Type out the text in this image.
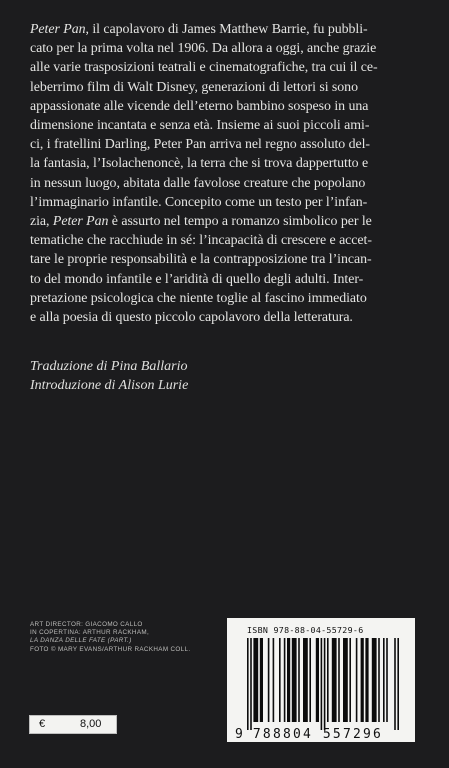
Peter Pan, il capolavoro di James Matthew Barrie, fu pubbli-
cato per la prima volta nel 1906. Da allora a oggi, anche grazie
alle varie trasposizioni teatrali e cinematografiche, tra cui il ce-
leberrimo film di Walt Disney, generazioni di lettori si sono
appassionate alle vicende dell’eterno bambino sospeso in una
dimensione incantata e senza età. Insieme ai suoi piccoli ami-
ci, i fratellini Darling, Peter Pan arriva nel regno assoluto del-
la fantasia, l’Isolachenoncè, la terra che si trova dappertutto e
in nessun luogo, abitata dalle favolose creature che popolano
l’immaginario infantile. Concepito come un testo per l’infan-
zia, Peter Pan è assurto nel tempo a romanzo simbolico per le
tematiche che racchiude in sé: l’incapacità di crescere e accet-
tare le proprie responsabilità e la contrapposizione tra l’incan-
to del mondo infantile e l’aridità di quello degli adulti. Inter-
pretazione psicologica che niente toglie al fascino immediato
e alla poesia di questo piccolo capolavoro della letteratura.

Traduzione di Pina Ballario
Introduzione di Alison Lurie
ART DIRECTOR: GIACOMO CALLO
IN COPERTINA: ARTHUR RACKHAM,
LA DANZA DELLE FATE (PART.)
FOTO © MARY EVANS/ARTHUR RACKHAM COLL.
ISBN 978-88-04-55729-6
9 788804 557296
€	8,00
